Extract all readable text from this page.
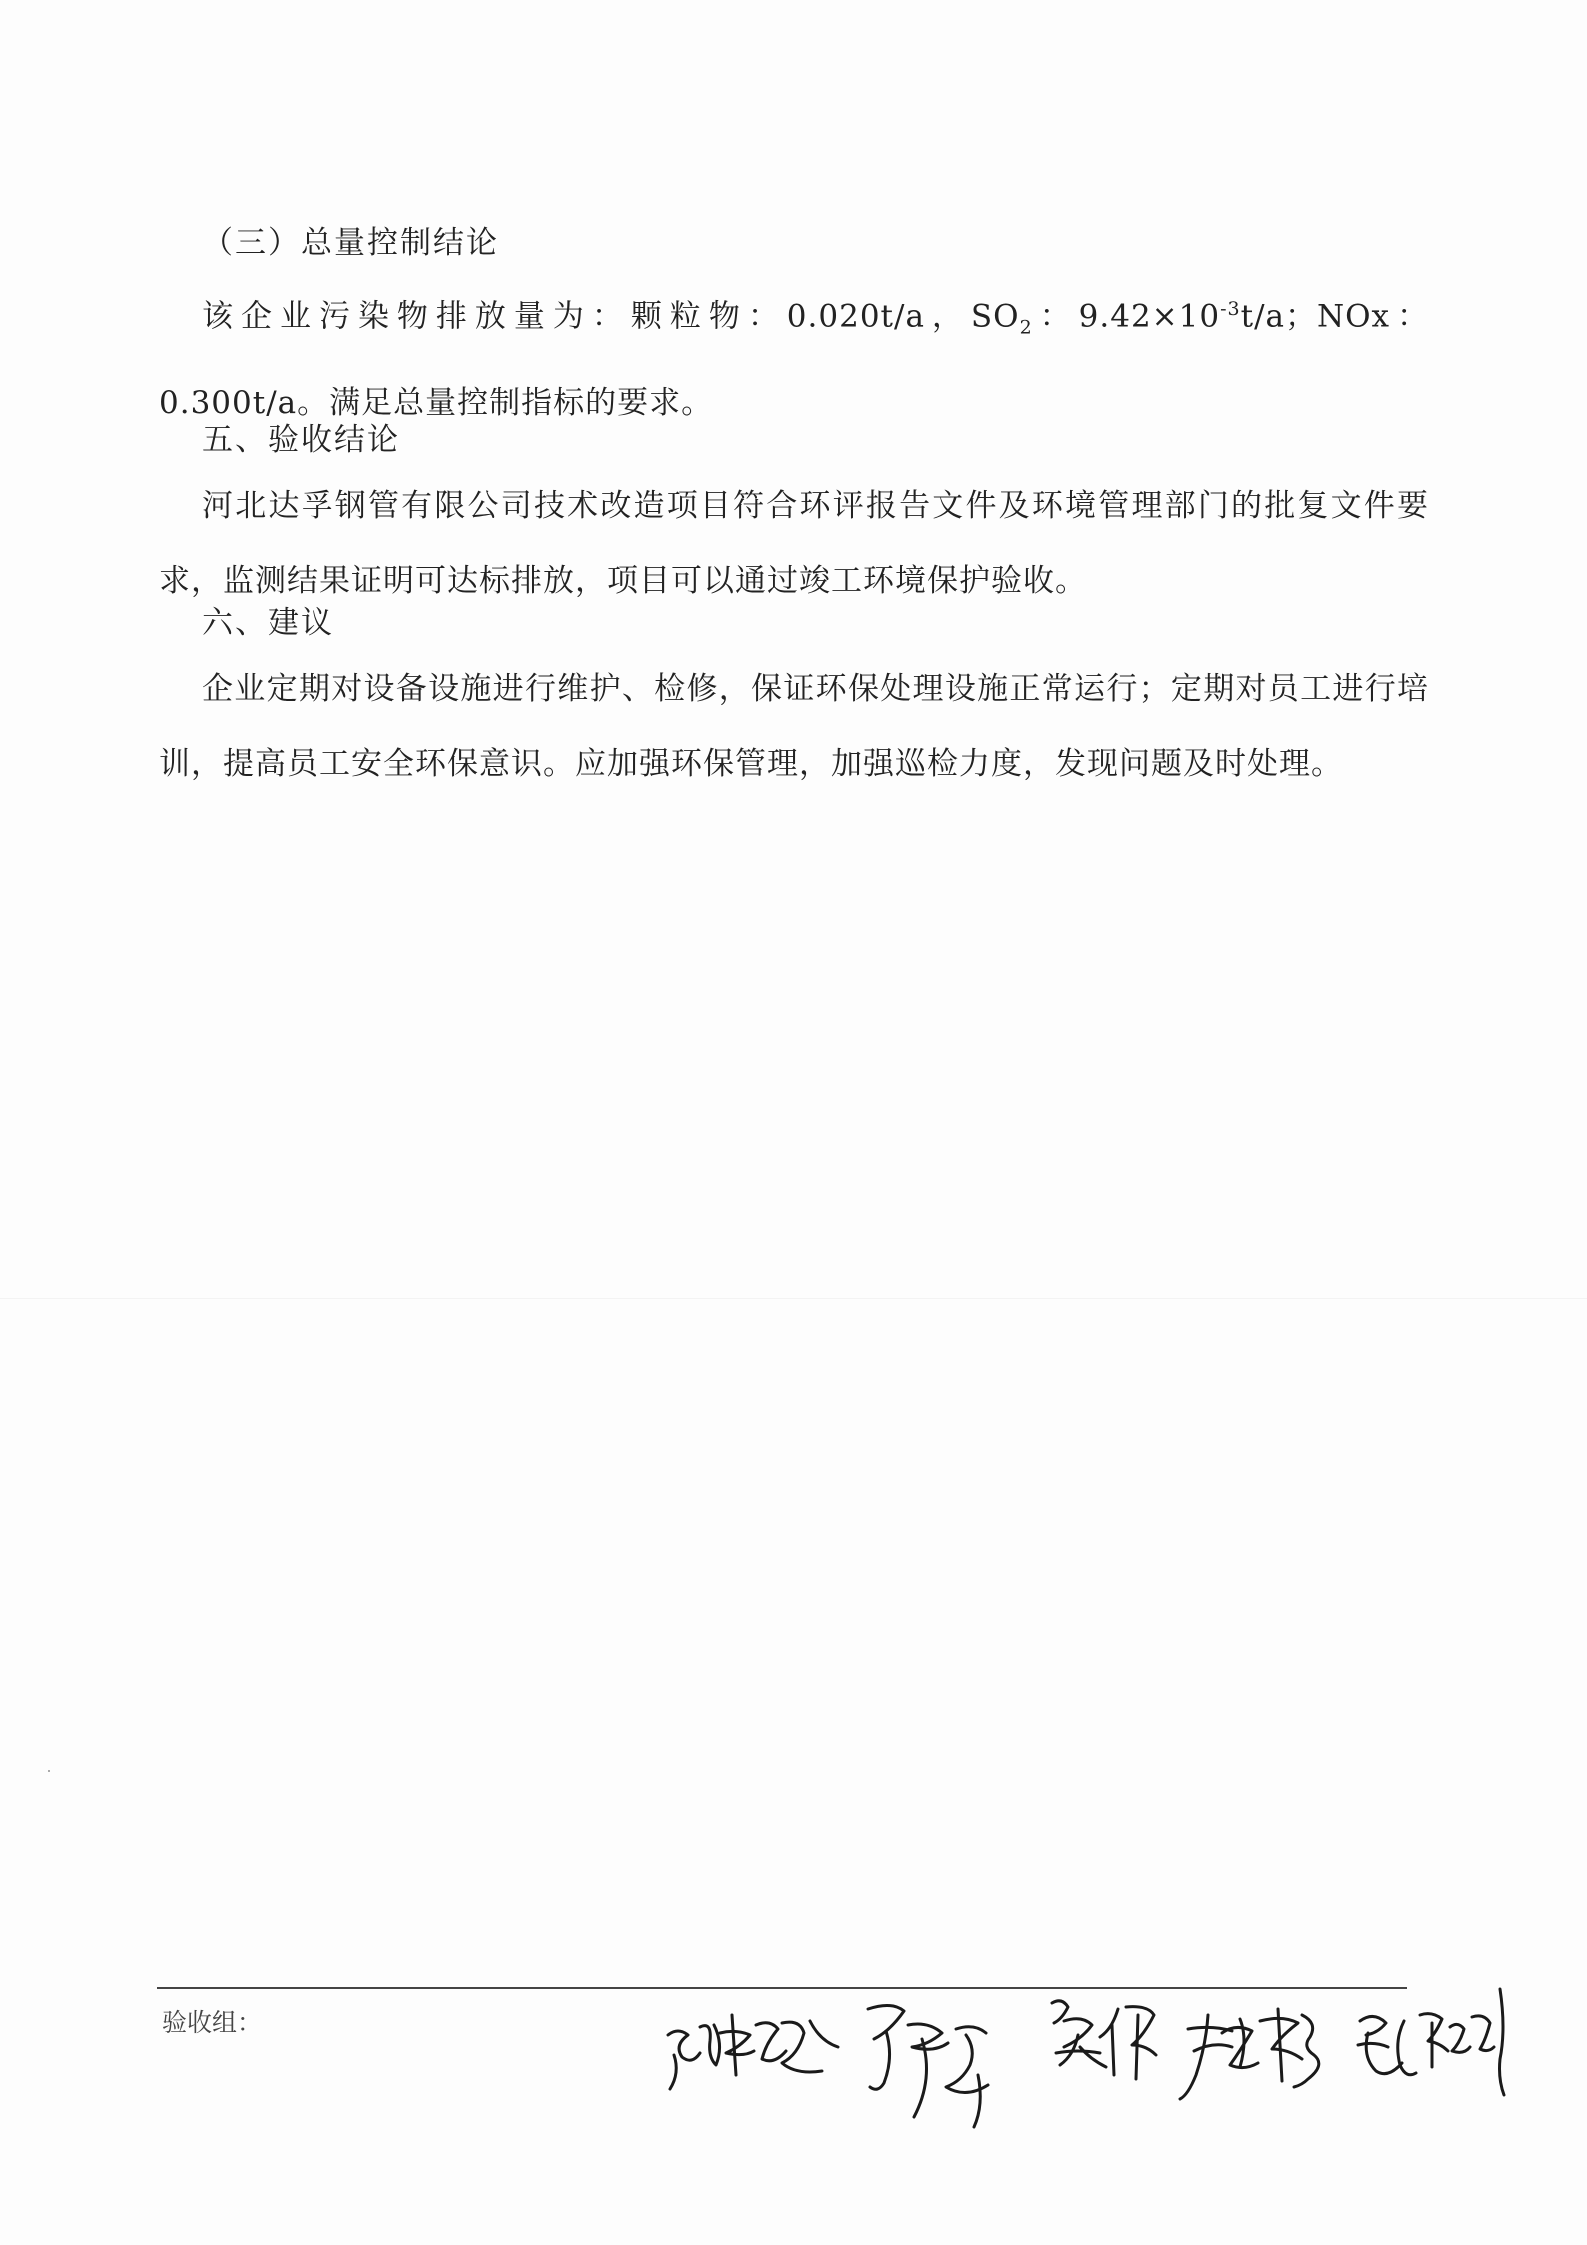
（三）总量控制结论
该企业污染物排放量为：颗粒物：0.020t/a，$SO_2$：$9.42\times 10^{-3}t/a$；NOx：0.300t/a。满足总量控制指标的要求。
五、验收结论
河北达孚钢管有限公司技术改造项目符合环评报告文件及环境管理部门的批复文件要求，监测结果证明可达标排放，项目可以通过竣工环境保护验收。
六、建议
企业定期对设备设施进行维护、检修，保证环保处理设施正常运行；定期对员工进行培训，提高员工安全环保意识。应加强环保管理，加强巡检力度，发现问题及时处理。
验收组：
